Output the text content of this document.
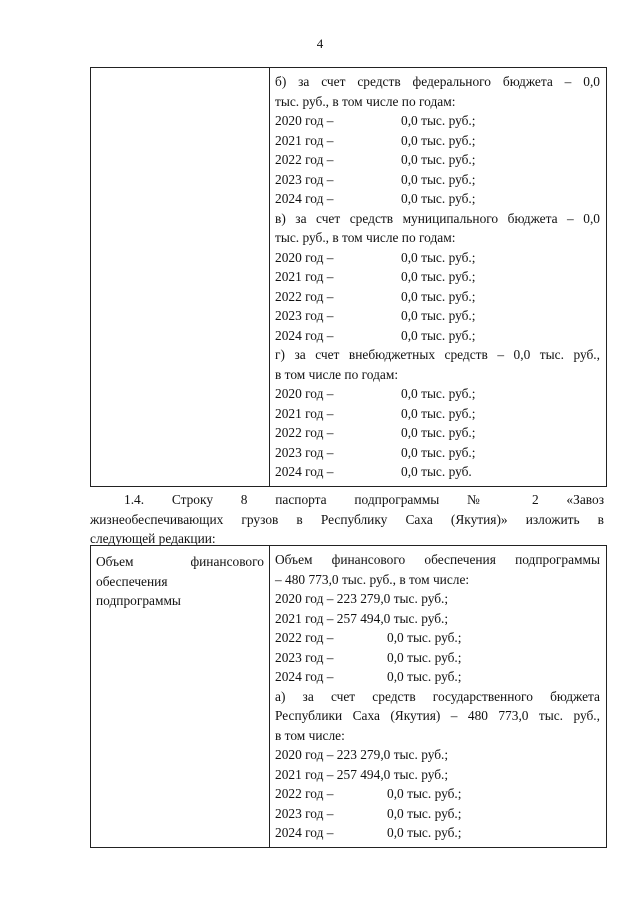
4

б) за счет средств федерального бюджета – 0,0
тыс. руб., в том числе по годам:
2020 год –	0,0 тыс. руб.;
2021 год –	0,0 тыс. руб.;
2022 год –	0,0 тыс. руб.;
2023 год –	0,0 тыс. руб.;
2024 год –	0,0 тыс. руб.;
в) за счет средств муниципального бюджета – 0,0
тыс. руб., в том числе по годам:
2020 год –	0,0 тыс. руб.;
2021 год –	0,0 тыс. руб.;
2022 год –	0,0 тыс. руб.;
2023 год –	0,0 тыс. руб.;
2024 год –	0,0 тыс. руб.;
г) за счет внебюджетных средств – 0,0 тыс. руб.,
в том числе по годам:
2020 год –	0,0 тыс. руб.;
2021 год –	0,0 тыс. руб.;
2022 год –	0,0 тыс. руб.;
2023 год –	0,0 тыс. руб.;
2024 год –	0,0 тыс. руб.
1.4. Строку 8 паспорта подпрограммы № 2 «Завоз
жизнеобеспечивающих грузов в Республику Саха (Якутия)» изложить в
следующей редакции:
Объем финансового
обеспечения
подпрограммы

Объем финансового обеспечения подпрограммы
– 480 773,0 тыс. руб., в том числе:
2020 год – 223 279,0 тыс. руб.;
2021 год – 257 494,0 тыс. руб.;
2022 год –	0,0 тыс. руб.;
2023 год –	0,0 тыс. руб.;
2024 год –	0,0 тыс. руб.;
а) за счет средств государственного бюджета
Республики Саха (Якутия) – 480 773,0 тыс. руб.,
в том числе:
2020 год – 223 279,0 тыс. руб.;
2021 год – 257 494,0 тыс. руб.;
2022 год –	0,0 тыс. руб.;
2023 год –	0,0 тыс. руб.;
2024 год –	0,0 тыс. руб.;
